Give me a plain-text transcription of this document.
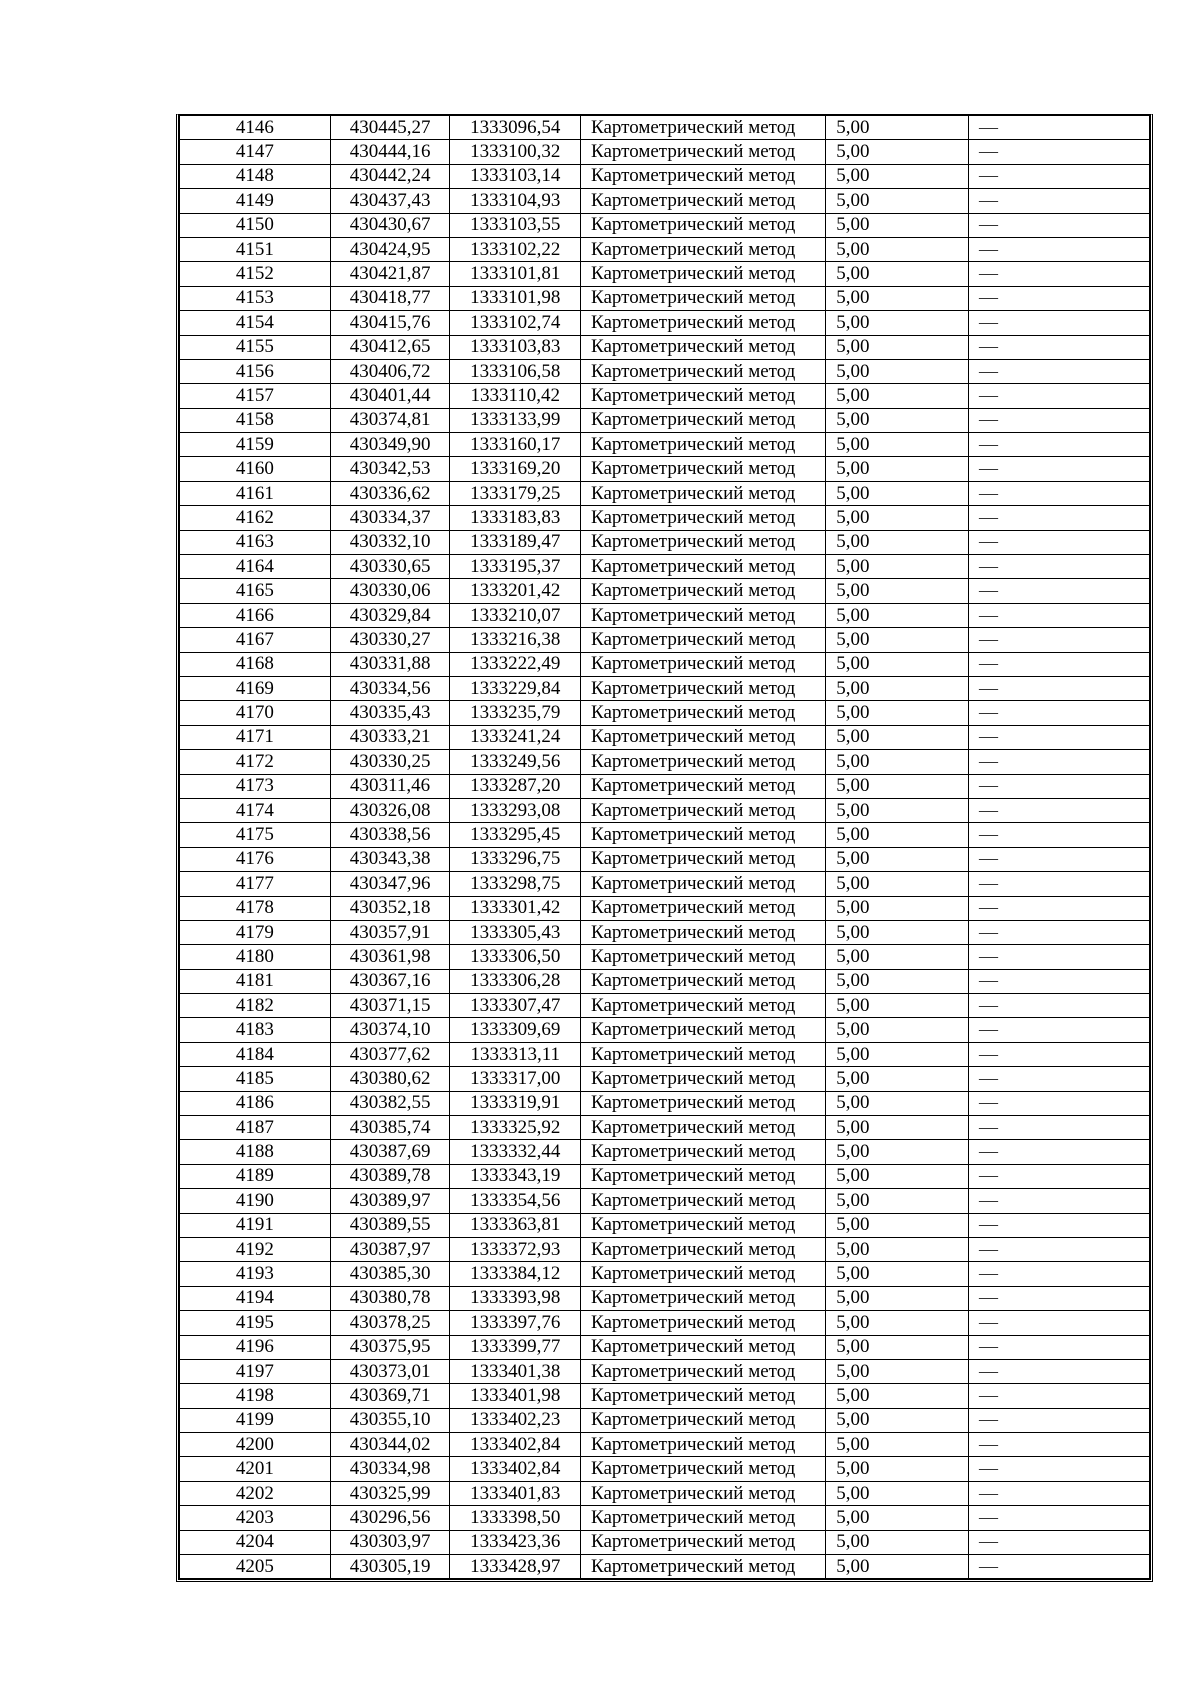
4146	430445,27	1333096,54	Картометрический метод	5,00	—
4147	430444,16	1333100,32	Картометрический метод	5,00	—
4148	430442,24	1333103,14	Картометрический метод	5,00	—
4149	430437,43	1333104,93	Картометрический метод	5,00	—
4150	430430,67	1333103,55	Картометрический метод	5,00	—
4151	430424,95	1333102,22	Картометрический метод	5,00	—
4152	430421,87	1333101,81	Картометрический метод	5,00	—
4153	430418,77	1333101,98	Картометрический метод	5,00	—
4154	430415,76	1333102,74	Картометрический метод	5,00	—
4155	430412,65	1333103,83	Картометрический метод	5,00	—
4156	430406,72	1333106,58	Картометрический метод	5,00	—
4157	430401,44	1333110,42	Картометрический метод	5,00	—
4158	430374,81	1333133,99	Картометрический метод	5,00	—
4159	430349,90	1333160,17	Картометрический метод	5,00	—
4160	430342,53	1333169,20	Картометрический метод	5,00	—
4161	430336,62	1333179,25	Картометрический метод	5,00	—
4162	430334,37	1333183,83	Картометрический метод	5,00	—
4163	430332,10	1333189,47	Картометрический метод	5,00	—
4164	430330,65	1333195,37	Картометрический метод	5,00	—
4165	430330,06	1333201,42	Картометрический метод	5,00	—
4166	430329,84	1333210,07	Картометрический метод	5,00	—
4167	430330,27	1333216,38	Картометрический метод	5,00	—
4168	430331,88	1333222,49	Картометрический метод	5,00	—
4169	430334,56	1333229,84	Картометрический метод	5,00	—
4170	430335,43	1333235,79	Картометрический метод	5,00	—
4171	430333,21	1333241,24	Картометрический метод	5,00	—
4172	430330,25	1333249,56	Картометрический метод	5,00	—
4173	430311,46	1333287,20	Картометрический метод	5,00	—
4174	430326,08	1333293,08	Картометрический метод	5,00	—
4175	430338,56	1333295,45	Картометрический метод	5,00	—
4176	430343,38	1333296,75	Картометрический метод	5,00	—
4177	430347,96	1333298,75	Картометрический метод	5,00	—
4178	430352,18	1333301,42	Картометрический метод	5,00	—
4179	430357,91	1333305,43	Картометрический метод	5,00	—
4180	430361,98	1333306,50	Картометрический метод	5,00	—
4181	430367,16	1333306,28	Картометрический метод	5,00	—
4182	430371,15	1333307,47	Картометрический метод	5,00	—
4183	430374,10	1333309,69	Картометрический метод	5,00	—
4184	430377,62	1333313,11	Картометрический метод	5,00	—
4185	430380,62	1333317,00	Картометрический метод	5,00	—
4186	430382,55	1333319,91	Картометрический метод	5,00	—
4187	430385,74	1333325,92	Картометрический метод	5,00	—
4188	430387,69	1333332,44	Картометрический метод	5,00	—
4189	430389,78	1333343,19	Картометрический метод	5,00	—
4190	430389,97	1333354,56	Картометрический метод	5,00	—
4191	430389,55	1333363,81	Картометрический метод	5,00	—
4192	430387,97	1333372,93	Картометрический метод	5,00	—
4193	430385,30	1333384,12	Картометрический метод	5,00	—
4194	430380,78	1333393,98	Картометрический метод	5,00	—
4195	430378,25	1333397,76	Картометрический метод	5,00	—
4196	430375,95	1333399,77	Картометрический метод	5,00	—
4197	430373,01	1333401,38	Картометрический метод	5,00	—
4198	430369,71	1333401,98	Картометрический метод	5,00	—
4199	430355,10	1333402,23	Картометрический метод	5,00	—
4200	430344,02	1333402,84	Картометрический метод	5,00	—
4201	430334,98	1333402,84	Картометрический метод	5,00	—
4202	430325,99	1333401,83	Картометрический метод	5,00	—
4203	430296,56	1333398,50	Картометрический метод	5,00	—
4204	430303,97	1333423,36	Картометрический метод	5,00	—
4205	430305,19	1333428,97	Картометрический метод	5,00	—
